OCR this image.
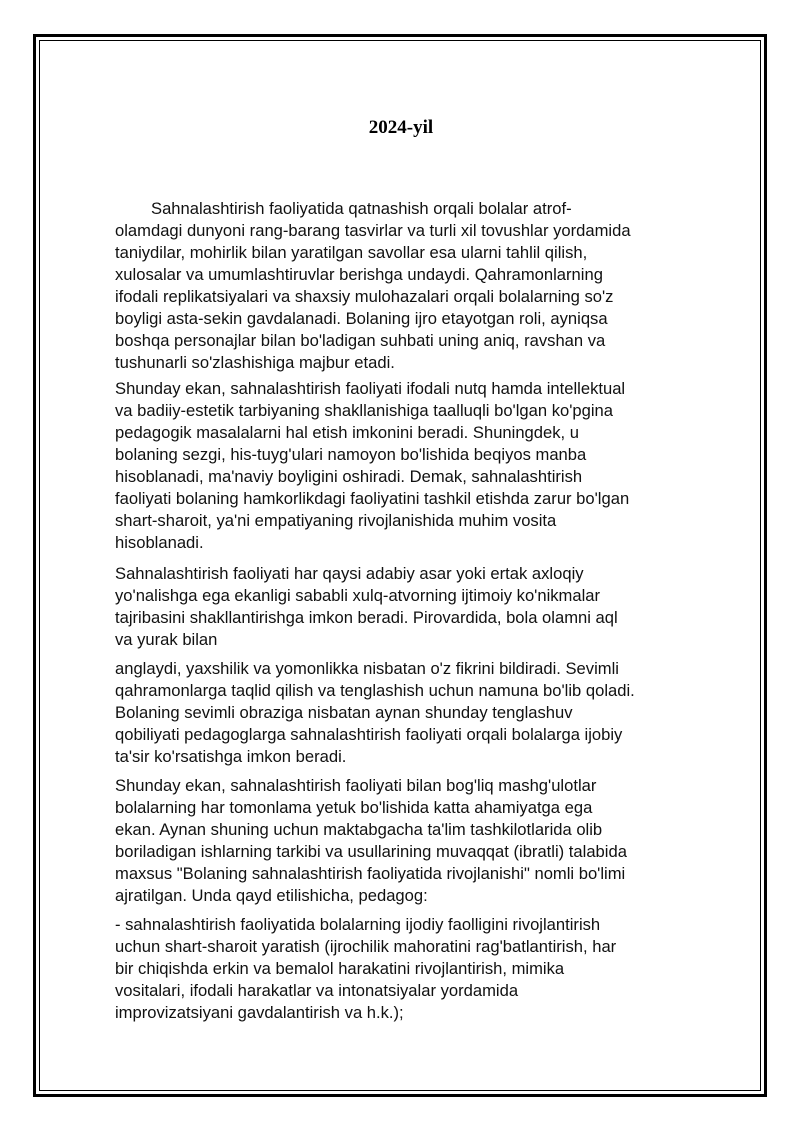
2024-yil

Sahnalashtirish faoliyatida qatnashish orqali bolalar atrof-
olamdagi dunyoni rang-barang tasvirlar va turli xil tovushlar yordamida
taniydilar, mohirlik bilan yaratilgan savollar esa ularni tahlil qilish,
xulosalar va umumlashtiruvlar berishga undaydi. Qahramonlarning
ifodali replikatsiyalari va shaxsiy mulohazalari orqali bolalarning so'z
boyligi asta-sekin gavdalanadi. Bolaning ijro etayotgan roli, ayniqsa
boshqa personajlar bilan bo'ladigan suhbati uning aniq, ravshan va
tushunarli so'zlashishiga majbur etadi.

Shunday ekan, sahnalashtirish faoliyati ifodali nutq hamda intellektual
va badiiy-estetik tarbiyaning shakllanishiga taalluqli bo'lgan ko'pgina
pedagogik masalalarni hal etish imkonini beradi. Shuningdek, u
bolaning sezgi, his-tuyg'ulari namoyon bo'lishida beqiyos manba
hisoblanadi, ma'naviy boyligini oshiradi. Demak, sahnalashtirish
faoliyati bolaning hamkorlikdagi faoliyatini tashkil etishda zarur bo'lgan
shart-sharoit, ya'ni empatiyaning rivojlanishida muhim vosita
hisoblanadi.

Sahnalashtirish faoliyati har qaysi adabiy asar yoki ertak axloqiy
yo'nalishga ega ekanligi sababli xulq-atvorning ijtimoiy ko'nikmalar
tajribasini shakllantirishga imkon beradi. Pirovardida, bola olamni aql
va yurak bilan

anglaydi, yaxshilik va yomonlikka nisbatan o'z fikrini bildiradi. Sevimli
qahramonlarga taqlid qilish va tenglashish uchun namuna bo'lib qoladi.
Bolaning sevimli obraziga nisbatan aynan shunday tenglashuv
qobiliyati pedagoglarga sahnalashtirish faoliyati orqali bolalarga ijobiy
ta'sir ko'rsatishga imkon beradi.

Shunday ekan, sahnalashtirish faoliyati bilan bog'liq mashg'ulotlar
bolalarning har tomonlama yetuk bo'lishida katta ahamiyatga ega
ekan. Aynan shuning uchun maktabgacha ta'lim tashkilotlarida olib
boriladigan ishlarning tarkibi va usullarining muvaqqat (ibratli) talabida
maxsus "Bolaning sahnalashtirish faoliyatida rivojlanishi" nomli bo'limi
ajratilgan. Unda qayd etilishicha, pedagog:

- sahnalashtirish faoliyatida bolalarning ijodiy faolligini rivojlantirish
uchun shart-sharoit yaratish (ijrochilik mahoratini rag'batlantirish, har
bir chiqishda erkin va bemalol harakatini rivojlantirish, mimika
vositalari, ifodali harakatlar va intonatsiyalar yordamida
improvizatsiyani gavdalantirish va h.k.);
